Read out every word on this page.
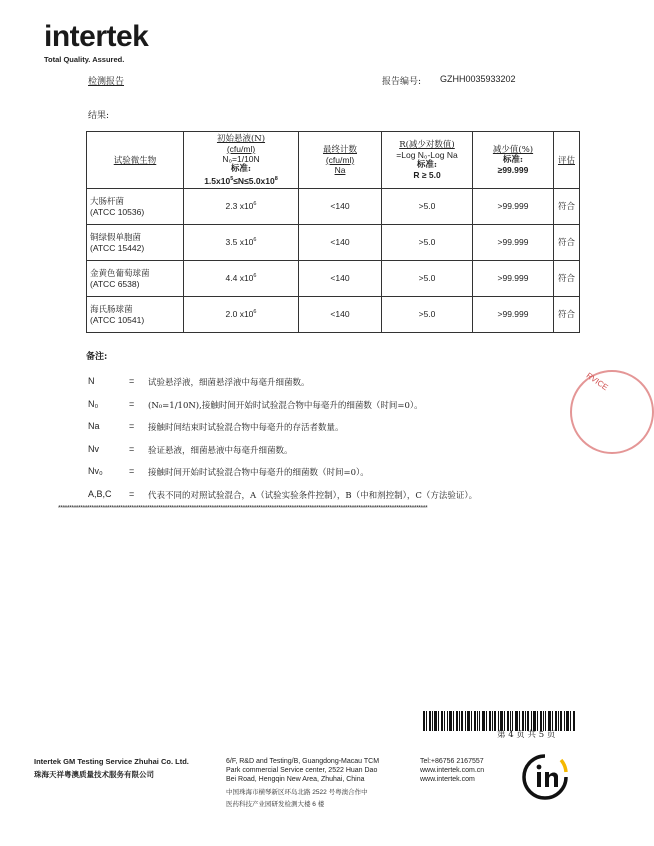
intertek
Total Quality. Assured.
检测报告	报告编号: GZHH0035933202
结果:
试验微生物	初始悬液(N)
(cfu/ml)
N₀=1/10N
标准:
$1.5x10^5\le N\le 5.0x10^8$	最终计数
(cfu/ml)
Na	R(减少对数值)
=Log N₀-Log Na
标准:
R ≥ 5.0	减少值(%)
标准:
≥99.999	评估
大肠杆菌
(ATCC 10536)	2.3 $x10^6$	<140	>5.0	>99.999	符合
铜绿假单胞菌
(ATCC 15442)	3.5 $x10^6$	<140	>5.0	>99.999	符合
金黄色葡萄球菌
(ATCC 6538)	4.4 $x10^6$	<140	>5.0	>99.999	符合
海氏肠球菌
(ATCC 10541)	2.0 $x10^6$	<140	>5.0	>99.999	符合
备注:
N	= 试验悬浮液，细菌悬浮液中每毫升细菌数。
N₀	= (N₀=1/10N),接触时间开始时试验混合物中每毫升的细菌数（时间=0）。
Na	= 接触时间结束时试验混合物中每毫升的存活者数量。
Nv	= 验证悬液，细菌悬液中每毫升细菌数。
Nv₀	= 接触时间开始时试验混合物中每毫升的细菌数（时间=0）。
A,B,C = 代表不同的对照试验混合，A（试验实验条件控制），B（中和剂控制），C（方法验证）。
**********************************************************************************************************************************************************************
RVICE
第 4 页 共 5 页
Intertek GM Testing Service Zhuhai Co. Ltd.
珠海天祥粤澳质量技术服务有限公司
6/F, R&D and Testing/B, Guangdong-Macau TCM
Park commercial Service center, 2522 Huan Dao
Bei Road, Hengqin New Area, Zhuhai, China
中国珠海市横琴新区环岛北路 2522 号粤澳合作中
医药科技产业园研发检测大楼 6 楼
Tel:+86756 2167557
www.intertek.com.cn
www.intertek.com
